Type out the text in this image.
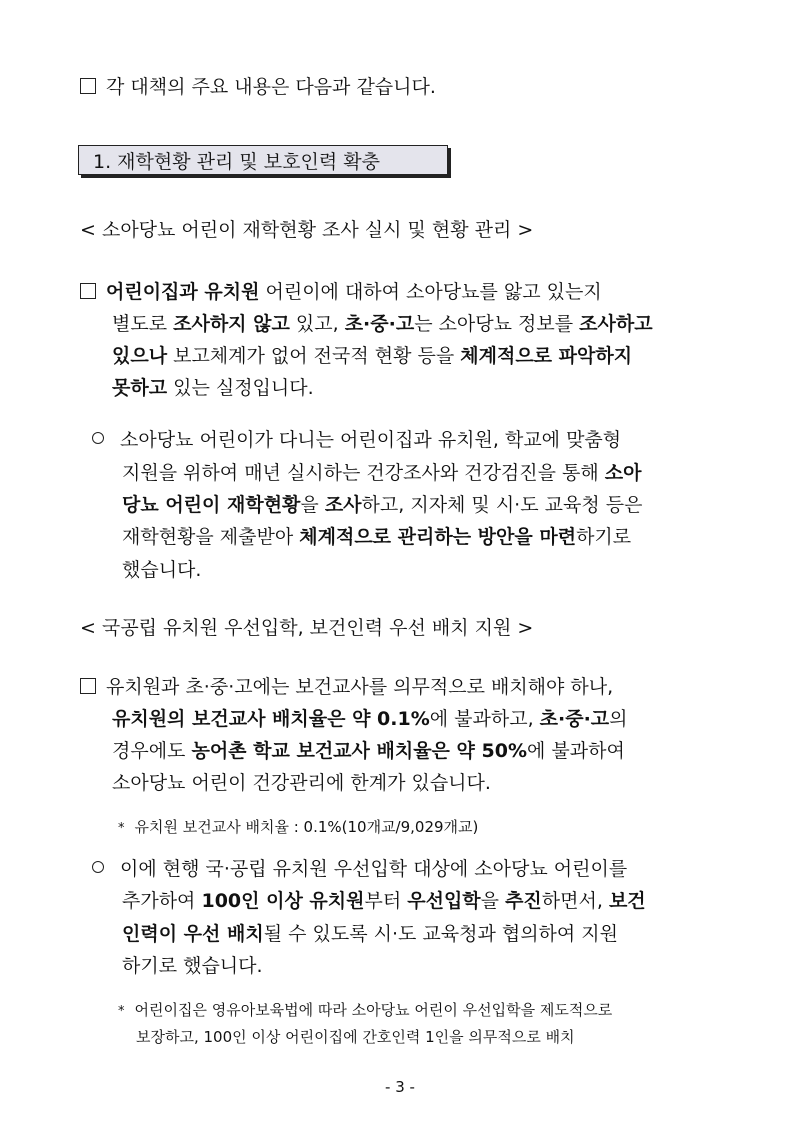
각 대책의 주요 내용은 다음과 같습니다.
1. 재학현황 관리 및 보호인력 확충
< 소아당뇨 어린이 재학현황 조사 실시 및 현황 관리 >
어린이집과 유치원 어린이에 대하여 소아당뇨를 앓고 있는지
별도로 조사하지 않고 있고, 초·중·고는 소아당뇨 정보를 조사하고
있으나 보고체계가 없어 전국적 현황 등을 체계적으로 파악하지
못하고 있는 실정입니다.
소아당뇨 어린이가 다니는 어린이집과 유치원, 학교에 맞춤형
지원을 위하여 매년 실시하는 건강조사와 건강검진을 통해 소아
당뇨 어린이 재학현황을 조사하고, 지자체 및 시·도 교육청 등은
재학현황을 제출받아 체계적으로 관리하는 방안을 마련하기로
했습니다.
< 국공립 유치원 우선입학, 보건인력 우선 배치 지원 >
유치원과 초·중·고에는 보건교사를 의무적으로 배치해야 하나,
유치원의 보건교사 배치율은 약 0.1%에 불과하고, 초·중·고의
경우에도 농어촌 학교 보건교사 배치율은 약 50%에 불과하여
소아당뇨 어린이 건강관리에 한계가 있습니다.
* 유치원 보건교사 배치율 : 0.1%(10개교/9,029개교)
이에 현행 국·공립 유치원 우선입학 대상에 소아당뇨 어린이를
추가하여 100인 이상 유치원부터 우선입학을 추진하면서, 보건
인력이 우선 배치될 수 있도록 시·도 교육청과 협의하여 지원
하기로 했습니다.
* 어린이집은 영유아보육법에 따라 소아당뇨 어린이 우선입학을 제도적으로
보장하고, 100인 이상 어린이집에 간호인력 1인을 의무적으로 배치
- 3 -
